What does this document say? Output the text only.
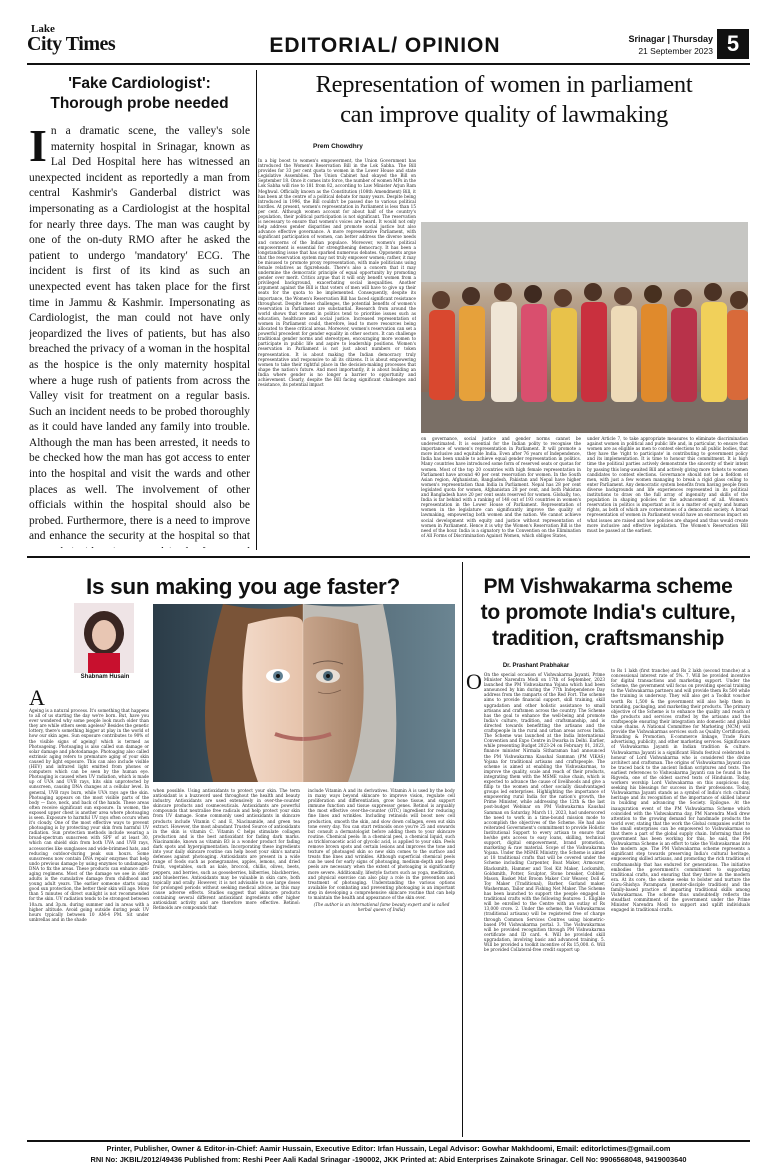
Lake
City Times	EDITORIAL/ OPINION	Srinagar | Thursday
21 September 2023 5
'Fake Cardiologist':
Thorough probe needed
I n a dramatic scene, the valley's sole maternity hospital in Srinagar, known as Lal Ded Hospital here has witnessed an unexpected incident as reportedly a man from central Kashmir's Ganderbal district was impersonating as a Cardiologist at the hospital for nearly three days. The man was caught by one of the on-duty RMO after he asked the patient to undergo 'mandatory' ECG. The incident is first of its kind as such an unexpected event has taken place for the first time in Jammu & Kashmir. Impersonating as Cardiologist, the man could not have only jeopardized the lives of patients, but has also breached the privacy of a woman in the hospital as the hospice is the only maternity hospital where a huge rush of patients from across the Valley visit for treatment on a regular basis. Such an incident needs to be probed thoroughly as it could have landed any family into trouble. Although the man has been arrested, it needs to be checked how the man has got access to enter into the hospital and visit the wards and other places as well. The involvement of other officials within the hospital should also be probed. Furthermore, there is a need to improve and enhance the security at the hospital so that
Representation of women in parliament
can improve quality of lawmaking
Prem Chowdhry
In a big boost to women's empowerment, the Union Government has introduced the Women's Reservation Bill in the Lok Sabha. The Bill provides for 33 per cent quota to women in the Lower House and state Legislative Assemblies. The Union Cabinet had okayed the Bill on September 18. Once it comes into force, the number of women MPs in the Lok Sabha will rise to 181 from 82, according to Law Minister Arjun Ram Meghwal. Officially known as the Constitution (108th Amendment) Bill, it has been at the centre of a political debate for many years. Despite being introduced in 1996, the Bill couldn't be passed due to various political hurdles. At present, women's representation in Parliament is less than 15 per cent. Although women account for about half of the country's population, their political participation is not significant. The reservation is necessary to ensure that women's voices are heard. It would not only help address gender disparities and promote social justice but also advance effective governance. A more representative Parliament, with significant participation of women, can better address the diverse needs and concerns of the Indian populace. Moreover, women's political empowerment is essential for strengthening democracy. It has been a longstanding issue that has sparked numerous debates. Opponents argue that the reservation system may not truly empower women; rather, it may be misused to promote proxy representation, with male politicians using female relatives as figureheads. There's also a concern that it may undermine the democratic principle of equal opportunity by promoting gender over merit. Critics argue that it will only benefit women from a privileged background, exacerbating social inequalities. Another argument against the Bill is that voters of men will have to give up their seats for the quota to be implemented. Consequently, despite its importance, the Women's Reservation Bill has faced significant resistance throughout. Despite these challenges, the potential benefits of women's reservation in Parliament are substantial. Research from around the world shows that women in politics tend to prioritise issues such as education, healthcare and social justice. Increased representation of women in Parliament could, therefore, lead to more resources being allocated to these critical areas. Moreover, women's reservation can set a powerful precedent for gender equality in other sectors. It can challenge traditional gender norms and stereotypes, encouraging more women to participate in public life and aspire to leadership positions. Women's reservation in Parliament is not just about numbers or token representation. It is about making the Indian democracy truly representative and responsive to all its citizens. It is about empowering women to take their rightful place in the decision-making processes that shape the nation's future. And most importantly, it is about building an India where gender is no longer a barrier to opportunity and achievement. Clearly, despite the Bill facing significant challenges and resistance, its potential impact
on governance, social justice and gender norms cannot be underestimated. It is essential for the Indian polity to recognise the importance of women's representation in Parliament. It will promote a more inclusive and equitable India. Even after 76 years of Independence, India has been unable to achieve equal gender representation in politics. Many countries have introduced some form of reserved seats or quotas for women. Most of the top 20 countries with high female representation in Parliament have around 40 per cent reservation for women. In the South Asian region, Afghanistan, Bangladesh, Pakistan and Nepal have higher women's representation than India in Parliament. Nepal has 28 per cent legislated quota for women, Afghanistan 28 per cent, and both Pakistan and Bangladesh have 20 per cent seats reserved for women. Globally, too, India is far behind with a ranking of 148 out of 193 countries in women's representation in the Lower House of Parliament. Representation of women in the legislature can significantly improve the quality of lawmaking, empowering both women and the nation. We cannot achieve social development with equity and justice without representation of women in Parliament. Hence it is why the Women's Reservation Bill is the need of the hour. India is a signatory to the Convention on the Elimination of All Forms of Discrimination Against Women, which obliges States,
under Article 7, to take appropriate measures to eliminate discrimination against women in political and public life and, in particular, to ensure that women are as eligible as men to contest elections to all public bodies, that they have the 'right to participate' in contributing to government policy and its implementation. It is time to honour this commitment. It is high time the political parties actively demonstrate the sincerity of their intent by passing this long-awaited Bill and actively giving more tickets to women candidates to contest elections. Governance should not be a fiefdom of men, with just a few women managing to break a rigid glass ceiling to enter Parliament. Any democratic system benefits from having people from diverse backgrounds and life experiences represented in its political institutions to draw on the full array of ingenuity and skills of the population in shaping policies for the advancement of all. Women's reservation in politics is important as it is a matter of equity and human rights, as both of which are cornerstones of a democratic society. A broad representation of women in Parliament would have an enormous impact on what issues are raised and how policies are shaped and thus would create more inclusive and effective legislation. The Women's Reservation Bill must be passed at the earliest.
Is sun making you age faster?
Shabnam Husain
A
Ageing is a natural process. It's something that happens to all of us starting the day we're born. But, have you ever wondered why some people look much older than they are while others seem ageless? Besides the genetic lottery, there's something bigger at play in the world of how our skin ages. Sun exposure contributes to 90% of the visible signs of ageing! which is termed as Photoageing. Photoaging is also called sun damage or solar damage and photodamage. Photoaging also called extrinsic aging refers to premature aging of your skin caused by light exposure. This can also include visible (HEV) and infrared light emitted from phones or computers which can be seen by the human eye. Photoaging is caused when UV radiation, which is made up of UVA and UVB rays, hits skin unprotected by sunscreen, causing DNA changes at a cellular level. In general, UVB rays burn, while UVA rays age the skin. Photoaging appears on the most visible parts of the body — face, neck, and back of the hands. These areas often receive significant sun exposure. In women, the exposed upper chest is another area where photoaging is seen. Exposure to harmful UV rays often occurs when it's cloudy. One of the most effective ways to prevent photoaging is by protecting your skin from harmful UV radiation. Sun protection methods include wearing a broad-spectrum sunscreen with SPF of at least 30, which can shield skin from both UVA and UVB rays, accessories like sunglasses and wide-brimmed hats, and reducing outdoor-during peak sun hours. Some sunscreens now contain DNA repair enzymes that help undo previous damage by using enzymes to undamaged DNA to fix the areas. These products can enhance anti-aging regimens. Most of the damage we see in older adults is the cumulative damage from childhood and young adult years. The earlier someone starts using good sun protection, the better their skin will age. More than 5 minutes of direct sunlight is not recommended for the skin. UV radiation tends to be strongest between 10a.m. and 3p.m. during summer and in areas with a higher altitude. Avoid going outside during peak UV hours typically between 10 AM-4 PM. Sit under umbrellas and in the shade
when possible. Using antioxidants to protect your skin. The term antioxidant is a buzzword used throughout the health and beauty industry. Antioxidants are used extensively in over-the-counter skincare products and cosmeceuticals. Antioxidants are powerful compounds that neutralise free radicals and help protect your skin from UV damage. Some commonly used antioxidants in skincare products include Vitamin C and E, Niacinamide, and green tea extract. However, the most abundant Trusted Source of antioxidants in the skin is vitamin C. Vitamin C helps stimulate collagen production and is the best antioxidant for fading dark marks. Niacinamide, known as vitamin B3 is a wonder product for fading dark spots and hyperpigmentation. Incorporating these ingredients into your daily skincare routine can help boost your skin's natural defenses against photoaging. Antioxidants are present in a wide range of foods such as pomegranates, apples, lemons, and dried fruits, vegetables, such as kale, broccoli, chillis, olives, beets, peppers, and berries, such as gooseberries, bilberries, blackberries, and blueberries. Antioxidants may be valuable in skin care, both topically and orally. However, it is not advisable to use large doses for prolonged periods without seeking medical advice, as this may cause adverse effects. Studies suggest that skincare products containing several different antioxidant ingredients offer higher antioxidant activity and are therefore more effective. Retinol: Retinoids are compounds that
include Vitamin A and its derivatives. Vitamin A is used by the body in many ways beyond skincare to improve vision, regulate cell proliferation and differentiation, grow bone tissue, and support immune function and tissue suppressor genes. Retinol is arguably the most effective over-the-counter (OTC) ingredient for reducing fine lines and wrinkles. Including retinoids will boost new cell production, smooth the skin, and slow down collagen, even out skin tone every day. You can start retinoids once you're 25 and onwards but consult a dermatologist before adding them to your skincare routine. Chemical peels: In a chemical peel, a chemical liquid, such as trichloroacetic acid or glycolic acid, is applied to your skin. Peels remove brown spots and certain lesions and improves the tone and texture of photoaged skin so new skin comes to the surface and treats fine lines and wrinkles. Although superficial chemical peels can be used for early signs of photoaging, medium-depth and deep peels are necessary when the extent of photoaging is significantly more severe. Additionally, lifestyle factors such as yoga, meditation, and physical exercise can also play a role in the prevention and treatment of photoaging. Understanding the various options available for combating and preventing photoaging is an important step in developing a comprehensive skincare routine that can help to maintain the health and appearance of the skin over.
(The author is an international fame beauty expert and is called herbal queen of India)
PM Vishwakarma scheme
to promote India's culture,
tradition, craftsmanship
Dr. Prashant Prabhakar
O On the special occasion of Vishwakarma Jayanti, Prime Minister Narendra Modi on 17th of September, 2023 launched the PM Vishwakarma Yojana which had been announced by him during the 77th Independence Day address from the ramparts of the Red Fort. The scheme aims to provide financial support, skill training, skill upgradation and other holistic assistance to small artisans and craftsmen across the country. The Scheme has the goal to enhance the well-being and promote India's culture, tradition, and craftsmanship, and is directed towards benefitting the artisans and the craftspeople in the rural and urban areas across India. The Scheme was launched at the India International Convention and Expo Centre in Dwarka in Delhi. Earlier, while presenting Budget 2023-24 on February 01, 2023, finance minister Nirmala Sitharaman had announced the PM Vishwakarma Kaushal Samman (PM VIKAS) Yojana for traditional artisans and craftspeople. The scheme is aimed at enabling the Vishwakarmas, to improve the quality, scale and reach of their products, integrating them with the MSME value chain, which is expected to advance the cause of livelihoods and give a fillip to the women and other socially disadvantaged groups led enterprises. Highlighting the importance of empowering rural India for the nation's growth, the Prime Minister, while addressing the 12th & the last post-budget Webinar on PM Vishwakarma Kaushal Samman on Saturday, March 11, 2023, had underscored the need to work in a time-bound mission mode to accomplish the objectives of the Scheme. He had also reiterated Government's commitment to provide Holistic Institutional Support to every artisan to ensure that he/she gets access to easy loans, skilling, technical support, digital empowerment, brand promotion, marketing & raw material. Scope of the Vishwakarma Yojana. Under the MSME Ministry, the Scheme is aimed at 18 traditional crafts that will be covered under the Scheme including Carpenter, Boat Maker, Armourer, Blacksmith, Hammer and Tool Kit Maker, Locksmith, Goldsmith, Potter, Sculptor, Stone breaker, Cobbler, Mason, Basket Mat Broom Maker Coir Weaver, Doll & Toy Maker (Traditional), Barber, Garland maker, Washerman, Tailor and Fishing Net Maker. The Scheme has been launched to support the people engaged in traditional crafts with the following features: 1. Eligible will be enrolled to the Centre with an outlay of Rs 13,000 crore. 2. Under the scheme, the Vishwakarmas (traditional artisans) will be registered free of charge through Common Services Centres using biometric-based PM Vishwakarma portal. 3. The Vishwakarmas will be provided recognition through PM Vishwakarma certificate and ID card. 4. Will be provided skill upgradation, involving basic and advanced training. 5. Will be provided a toolkit incentive of Rs 15,000. 6. Will be provided Collateral-free credit support up
to Rs 1 lakh (first tranche) and Rs 2 lakh (second tranche) at a concessional interest rate of 5%. 7. Will be provided incentive for digital transactions and marketing support. Under the Scheme, the government will focus on providing special training to the Vishwakarma partners and will provide them Rs 500 while the training is underway. They will also get a Toolkit voucher worth Rs 1,500 & the government will also help them in branding, packaging, and marketing their products. The primary objective of the Scheme is to enhance the quality and reach of the products and services crafted by the artisans and the craftspeople ensuring their integration into domestic and global value chains. A National Committee for Marketing (NCM) will provide the Vishwakarmas services such as Quality Certification, Branding & Promotion, E-commerce linkage, Trade Fairs advertising, publicity, and other marketing services. Significance of Vishwakarma Jayanti in Indian tradition & culture. Vishwakarma Jayanti is a significant Hindu festival celebrated in honour of Lord Vishwakarma who is considered the divine architect and craftsman. The origins of Vishwakarma Jayanti can be traced back to the ancient Indian scriptures and texts. The earliest references to Vishwakarma Jayanti can be found in the Rigveda, one of the oldest sacred texts of Hinduism. Today, workers worship Lord Vishwakarma on this auspicious day, seeking his blessings for success in their professions. Today, Vishwakarma Jayanti stands as a symbol of India's rich cultural heritage and its recognition of the importance of skilled labour in building and advancing the Society. Epilogue. At the inauguration event of the PM Vishwakarma Scheme which coincided with the Vishwakarma day, PM Narendra Modi drew attention to the growing demand for handmade products the world over, stating that the work the Global companies outlet to the small enterprises can be empowered to Vishwakarmas so that there a part of the global supply chain. Informing that the government has been working for this, he said, the PM Vishwakarma Scheme is an effort to take the Vishwakarmas into the modern age. The PM Vishwakarma scheme represents a significant step towards preserving India's cultural heritage, empowering skilled artisans, and promoting the rich tradition of craftsmanship that has endured for generations. The initiative embodies the government's commitment to supporting traditional crafts, and ensuring that they thrive in the modern era. At its core, the scheme seeks to bolster and nurture the Guru-Shishya Parampara (mentor-disciple tradition) and the family-based practice of imparting traditional skills among Vishwakarmas. The scheme thus undoubtedly reflects the steadfast commitment of the government under the Prime Minister Narendra Modi to support and uplift individuals engaged in traditional crafts.
Printer, Publisher, Owner & Editor-in-Chief: Aamir Hussain, Executive Editor: Irfan Hussain, Legal Advisor: Gowhar Makhdoomi, Email: editorlctimes@gmail.com
RNI No: JKBIL/2012/49436 Published from: Reshi Peer Aali Kadal Srinagar -190002, JKK Printed at: Abid Enterprises Zainakote Srinagar. Cell No: 9906568048, 9419003640
